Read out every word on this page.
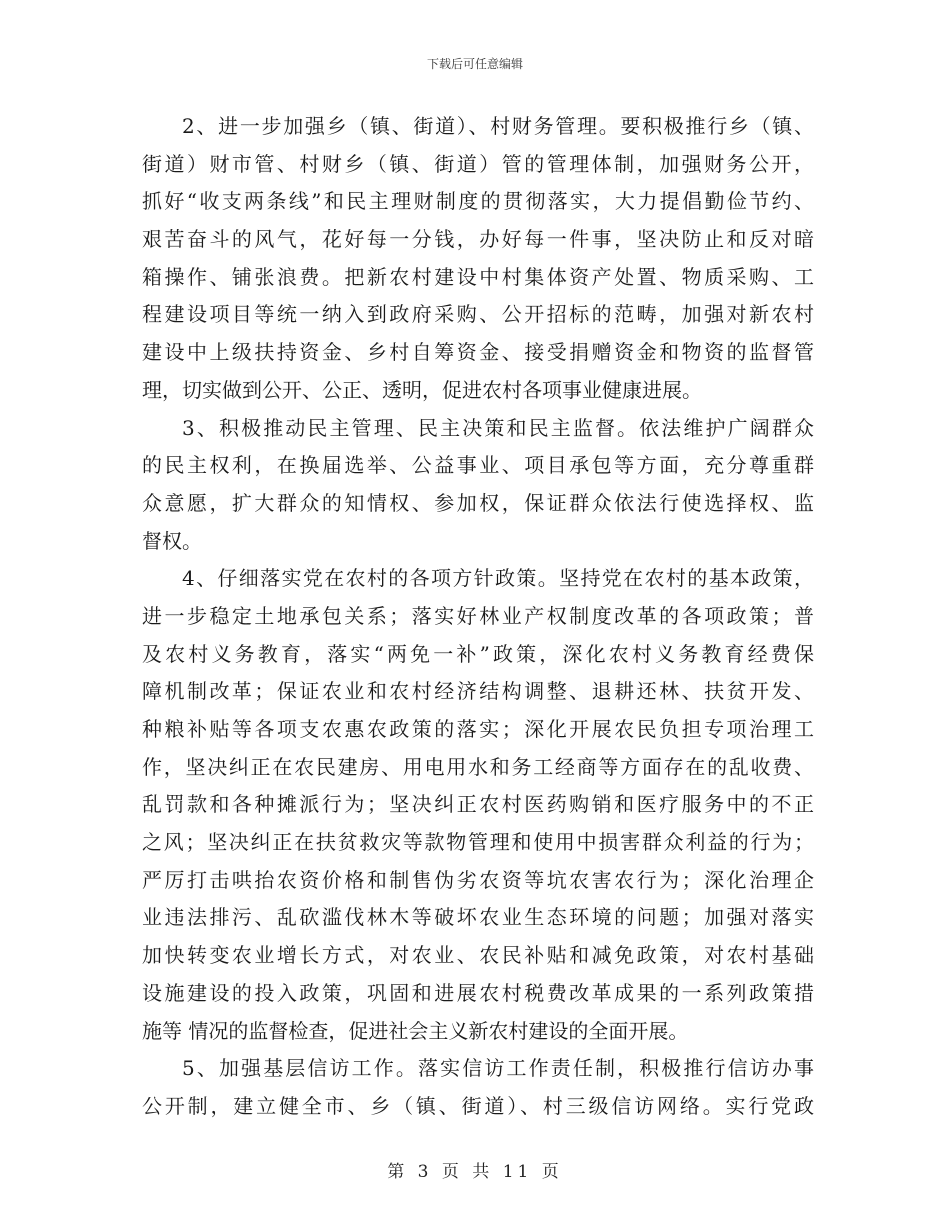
下载后可任意编辑
2、进一步加强乡（镇、街道）、村财务管理。要积极推行乡（镇、
街道）财市管、村财乡（镇、街道）管的管理体制，加强财务公开，
抓好“收支两条线”和民主理财制度的贯彻落实，大力提倡勤俭节约、
艰苦奋斗的风气，花好每一分钱，办好每一件事，坚决防止和反对暗
箱操作、铺张浪费。把新农村建设中村集体资产处置、物质采购、工
程建设项目等统一纳入到政府采购、公开招标的范畴，加强对新农村
建设中上级扶持资金、乡村自筹资金、接受捐赠资金和物资的监督管
理，切实做到公开、公正、透明，促进农村各项事业健康进展。
3、积极推动民主管理、民主决策和民主监督。依法维护广阔群众
的民主权利，在换届选举、公益事业、项目承包等方面，充分尊重群
众意愿，扩大群众的知情权、参加权，保证群众依法行使选择权、监
督权。
4、仔细落实党在农村的各项方针政策。坚持党在农村的基本政策，
进一步稳定土地承包关系；落实好林业产权制度改革的各项政策；普
及农村义务教育，落实“两免一补”政策，深化农村义务教育经费保
障机制改革；保证农业和农村经济结构调整、退耕还林、扶贫开发、
种粮补贴等各项支农惠农政策的落实；深化开展农民负担专项治理工
作，坚决纠正在农民建房、用电用水和务工经商等方面存在的乱收费、
乱罚款和各种摊派行为；坚决纠正农村医药购销和医疗服务中的不正
之风；坚决纠正在扶贫救灾等款物管理和使用中损害群众利益的行为；
严厉打击哄抬农资价格和制售伪劣农资等坑农害农行为；深化治理企
业违法排污、乱砍滥伐林木等破坏农业生态环境的问题；加强对落实
加快转变农业增长方式，对农业、农民补贴和减免政策，对农村基础
设施建设的投入政策，巩固和进展农村税费改革成果的一系列政策措
施等 情况的监督检查，促进社会主义新农村建设的全面开展。
5、加强基层信访工作。落实信访工作责任制，积极推行信访办事
公开制，建立健全市、乡（镇、街道）、村三级信访网络。实行党政
第 3 页 共 11 页
